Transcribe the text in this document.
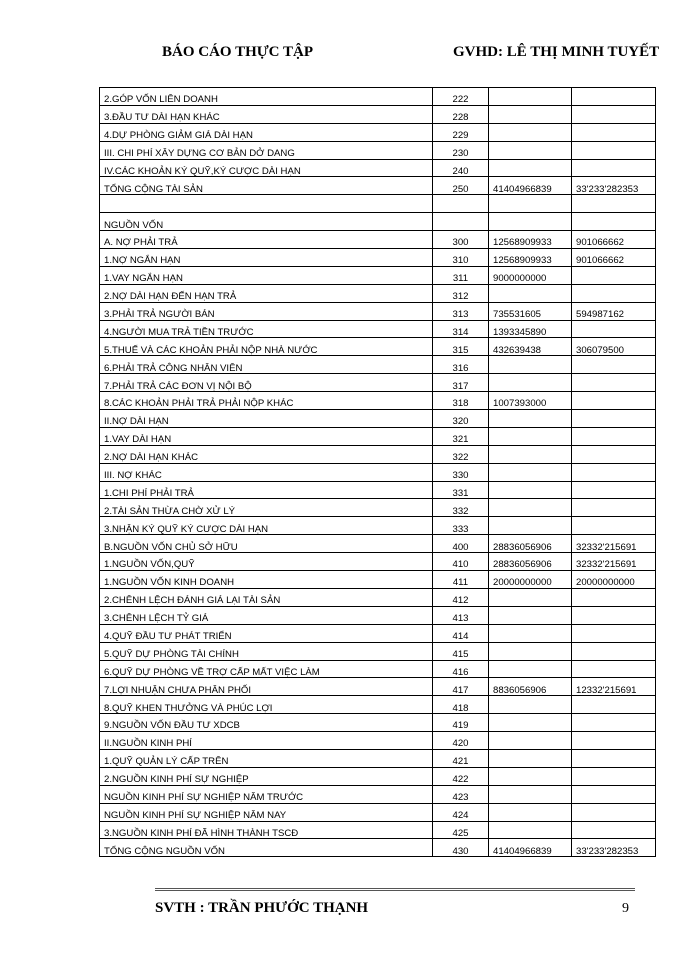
BÁO CÁO THỰC TẬP	GVHD: LÊ THỊ MINH TUYẾT
2.GÓP VỐN LIÊN DOANH	222		
3.ĐẦU TƯ DÀI HẠN KHÁC	228		
4.DỰ PHÒNG GIẢM GIÁ DÀI HẠN	229		
III. CHI PHÍ XÂY DỰNG CƠ BẢN DỞ DANG	230		
IV.CÁC KHOẢN KÝ QUỸ,KÝ CƯỢC DÀI HẠN	240		
TỔNG CỘNG TÀI SẢN	250	41404966839	33'233'282353

NGUỒN VỐN			
A. NỢ PHẢI TRẢ	300	12568909933	901066662
1.NỢ NGẮN HẠN	310	12568909933	901066662
1.VAY NGẮN HẠN	311	9000000000	
2.NỢ DÀI HẠN ĐẾN HẠN TRẢ	312		
3.PHẢI TRẢ NGƯỜI BÁN	313	735531605	594987162
4.NGƯỜI MUA TRẢ TIỀN TRƯỚC	314	1393345890	
5.THUẾ VÀ CÁC KHOẢN PHẢI NỘP NHÀ NƯỚC	315	432639438	306079500
6.PHẢI TRẢ CÔNG NHÂN VIÊN	316		
7.PHẢI TRẢ CÁC ĐƠN VỊ NỘI BỘ	317		
8.CÁC KHOẢN PHẢI TRẢ PHẢI NỘP KHÁC	318	1007393000	
II.NỢ DÀI HẠN	320		
1.VAY DÀI HẠN	321		
2.NỢ DÀI HẠN KHÁC	322		
III. NỢ KHÁC	330		
1.CHI PHÍ PHẢI TRẢ	331		
2.TÀI SẢN THỪA CHỜ XỬ LÝ	332		
3.NHẬN KÝ QUỸ KÝ CƯỢC DÀI HẠN	333		
B.NGUỒN VỐN CHỦ SỞ HỮU	400	28836056906	32332'215691
1.NGUỒN VỐN,QUỸ	410	28836056906	32332'215691
1.NGUỒN VỐN KINH DOANH	411	20000000000	20000000000
2.CHÊNH LỆCH ĐÁNH GIÁ LẠI TÀI SẢN	412		
3.CHÊNH LỆCH TỶ GIÁ	413		
4.QUỸ ĐẦU TƯ PHÁT TRIỂN	414		
5.QUỸ DỰ PHÒNG TÀI CHÍNH	415		
6.QUỸ DỰ PHÒNG VỀ TRỢ CẤP MẤT VIỆC LÀM	416		
7.LỢI NHUẬN CHƯA PHÂN PHỐI	417	8836056906	12332'215691
8.QUỸ KHEN THƯỞNG VÀ PHÚC LỢI	418		
9.NGUỒN VỐN ĐẦU TƯ XDCB	419		
II.NGUỒN KINH PHÍ	420		
1.QUỸ QUẢN LÝ CẤP TRÊN	421		
2.NGUỒN KINH PHÍ SỰ NGHIỆP	422		
NGUỒN KINH PHÍ SỰ NGHIỆP NĂM TRƯỚC	423		
NGUỒN KINH PHÍ SỰ NGHIỆP NĂM NAY	424		
3.NGUỒN KINH PHÍ ĐÃ HÌNH THÀNH TSCĐ	425		
TỔNG CỘNG NGUỒN VỐN	430	41404966839	33'233'282353
SVTH : TRẦN PHƯỚC THẠNH	9
